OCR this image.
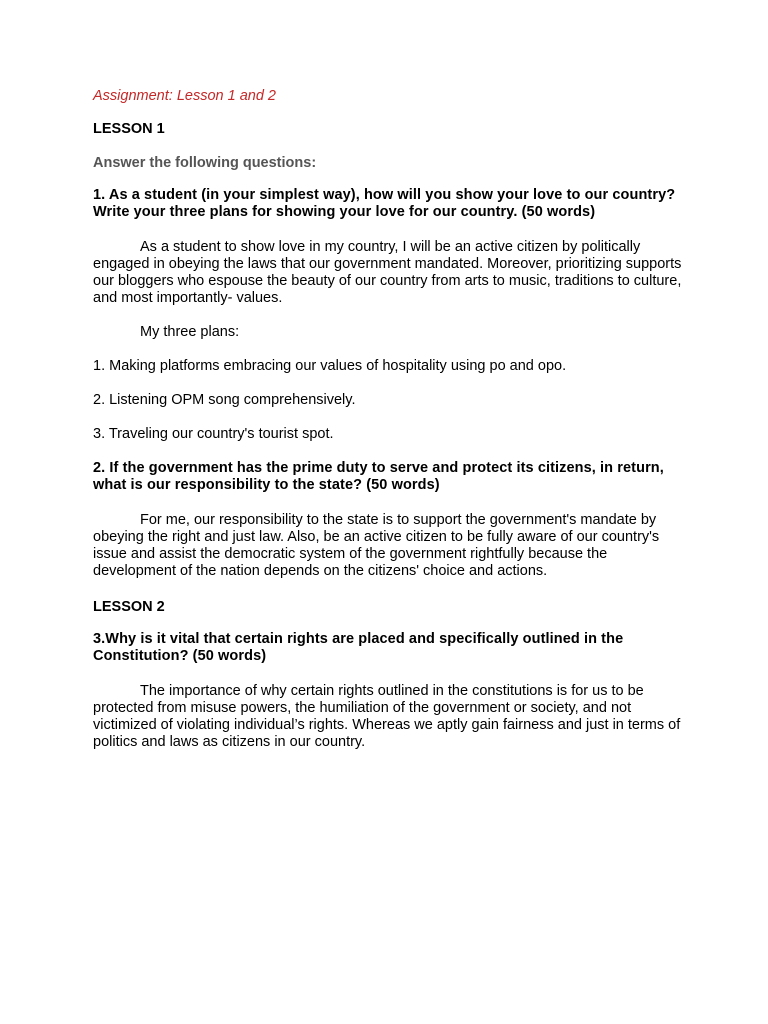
Assignment: Lesson 1 and 2
LESSON 1
Answer the following questions:
1. As a student (in your simplest way), how will you show your love to our country? Write your three plans for showing your love for our country. (50 words)
As a student to show love in my country, I will be an active citizen by politically engaged in obeying the laws that our government mandated. Moreover, prioritizing supports our bloggers who espouse the beauty of our country from arts to music, traditions to culture, and most importantly- values.
My three plans:
1. Making platforms embracing our values of hospitality using po and opo.
2. Listening OPM song comprehensively.
3. Traveling our country's tourist spot.
2. If the government has the prime duty to serve and protect its citizens, in return, what is our responsibility to the state? (50 words)
For me, our responsibility to the state is to support the government's mandate by obeying the right and just law. Also, be an active citizen to be fully aware of our country's issue and assist the democratic system of the government rightfully because the development of the nation depends on the citizens' choice and actions.
LESSON 2
3.Why is it vital that certain rights are placed and specifically outlined in the Constitution? (50 words)
The importance of why certain rights outlined in the constitutions is for us to be protected from misuse powers, the humiliation of the government or society, and not victimized of violating individual’s rights. Whereas we aptly gain fairness and just in terms of politics and laws as citizens in our country.
